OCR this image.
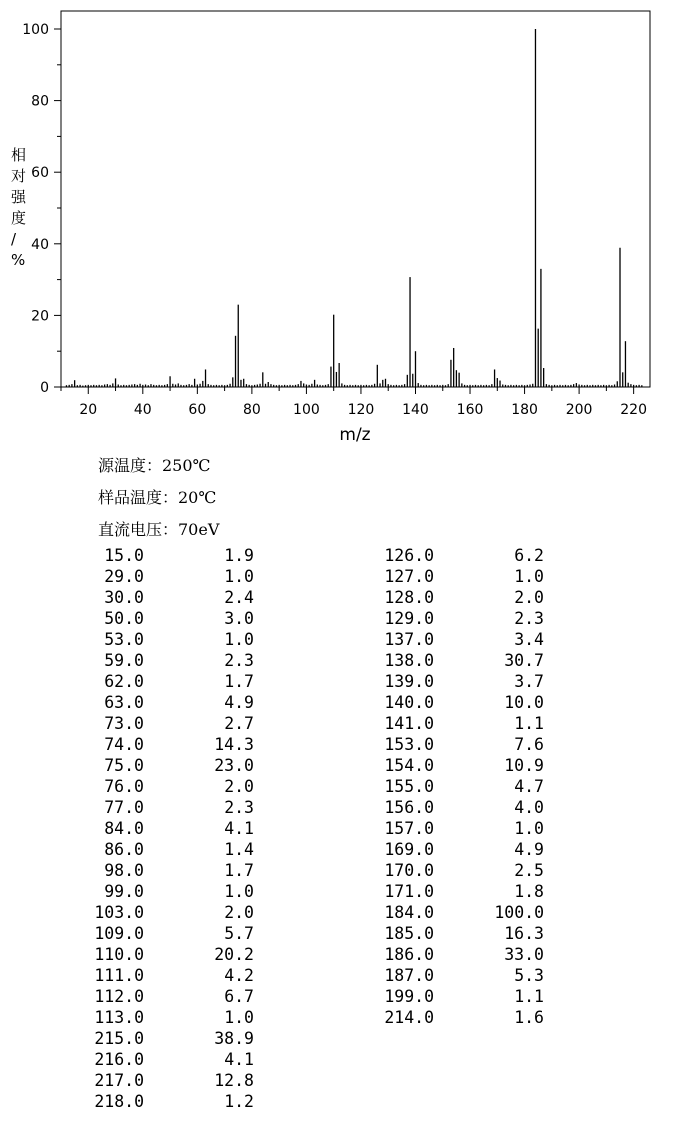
0
20
40
60
80
100
20	40	60	80 100 120 140 160 180 200 220
m/z
相对强度/ %
源温度：250℃
样品温度：20℃
直流电压：70eV
15.0	1.9
29.0	1.0
30.0	2.4
50.0	3.0
53.0	1.0
59.0	2.3
62.0	1.7
63.0	4.9
73.0	2.7
74.0	14.3
75.0	23.0
76.0	2.0
77.0	2.3
84.0	4.1
86.0	1.4
98.0	1.7
99.0	1.0
103.0	2.0
109.0	5.7
110.0	20.2
111.0	4.2
112.0	6.7
113.0	1.0
215.0	38.9
216.0	4.1
217.0	12.8
218.0	1.2
126.0	6.2
127.0	1.0
128.0	2.0
129.0	2.3
137.0	3.4
138.0	30.7
139.0	3.7
140.0	10.0
141.0	1.1
153.0	7.6
154.0	10.9
155.0	4.7
156.0	4.0
157.0	1.0
169.0	4.9
170.0	2.5
171.0	1.8
184.0	100.0
185.0	16.3
186.0	33.0
187.0	5.3
199.0	1.1
214.0	1.6
